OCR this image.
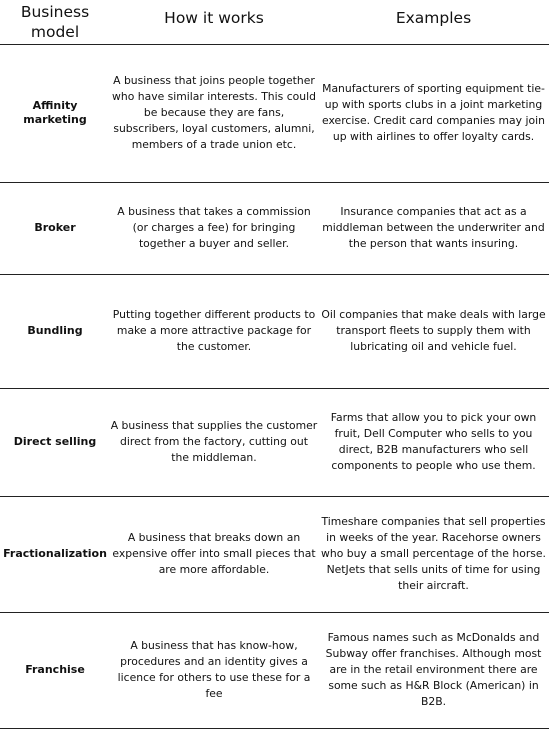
Business model
How it works	Examples
Affinity marketing
A business that joins people together who have similar interests. This could be because they are fans, subscribers, loyal customers, alumni, members of a trade union etc.
Manufacturers of sporting equipment tie-up with sports clubs in a joint marketing exercise. Credit card companies may join up with airlines to offer loyalty cards.
Broker
A business that takes a commission (or charges a fee) for bringing together a buyer and seller.
Insurance companies that act as a middleman between the underwriter and the person that wants insuring.
Bundling
Putting together different products to make a more attractive package for the customer.
Oil companies that make deals with large transport fleets to supply them with lubricating oil and vehicle fuel.
Direct selling
A business that supplies the customer direct from the factory, cutting out the middleman.
Farms that allow you to pick your own fruit, Dell Computer who sells to you direct, B2B manufacturers who sell components to people who use them.
Fractionalization
A business that breaks down an expensive offer into small pieces that are more affordable.
Timeshare companies that sell properties in weeks of the year. Racehorse owners who buy a small percentage of the horse. NetJets that sells units of time for using their aircraft.
Franchise
A business that has know-how, procedures and an identity gives a licence for others to use these for a fee
Famous names such as McDonalds and Subway offer franchises. Although most are in the retail environment there are some such as H&R Block (American) in B2B.
